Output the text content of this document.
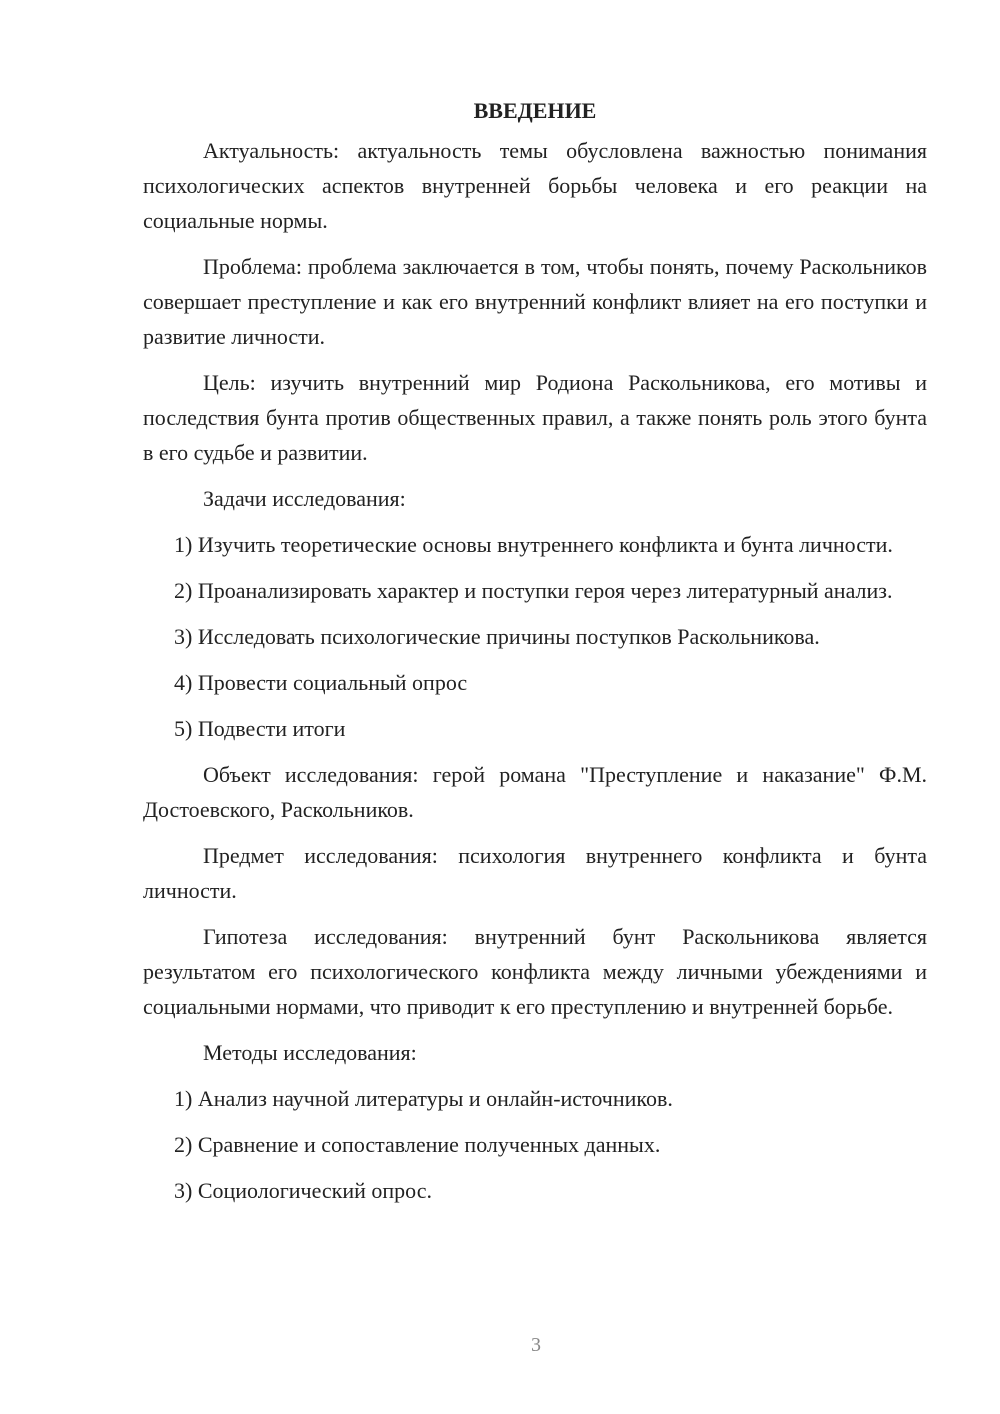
ВВЕДЕНИЕ

Актуальность: актуальность темы обусловлена важностью понимания психологических аспектов внутренней борьбы человека и его реакции на социальные нормы.

Проблема: проблема заключается в том, чтобы понять, почему Раскольников совершает преступление и как его внутренний конфликт влияет на его поступки и развитие личности.

Цель: изучить внутренний мир Родиона Раскольникова, его мотивы и последствия бунта против общественных правил, а также понять роль этого бунта в его судьбе и развитии.

Задачи исследования:

1) Изучить теоретические основы внутреннего конфликта и бунта личности.

2) Проанализировать характер и поступки героя через литературный анализ.

3) Исследовать психологические причины поступков Раскольникова.

4) Провести социальный опрос

5) Подвести итоги

Объект исследования: герой романа "Преступление и наказание" Ф.М. Достоевского, Раскольников.

Предмет исследования: психология внутреннего конфликта и бунта личности.

Гипотеза исследования: внутренний бунт Раскольникова является результатом его психологического конфликта между личными убеждениями и социальными нормами, что приводит к его преступлению и внутренней борьбе.

Методы исследования:

1) Анализ научной литературы и онлайн-источников.

2) Сравнение и сопоставление полученных данных.

3) Социологический опрос.

3
